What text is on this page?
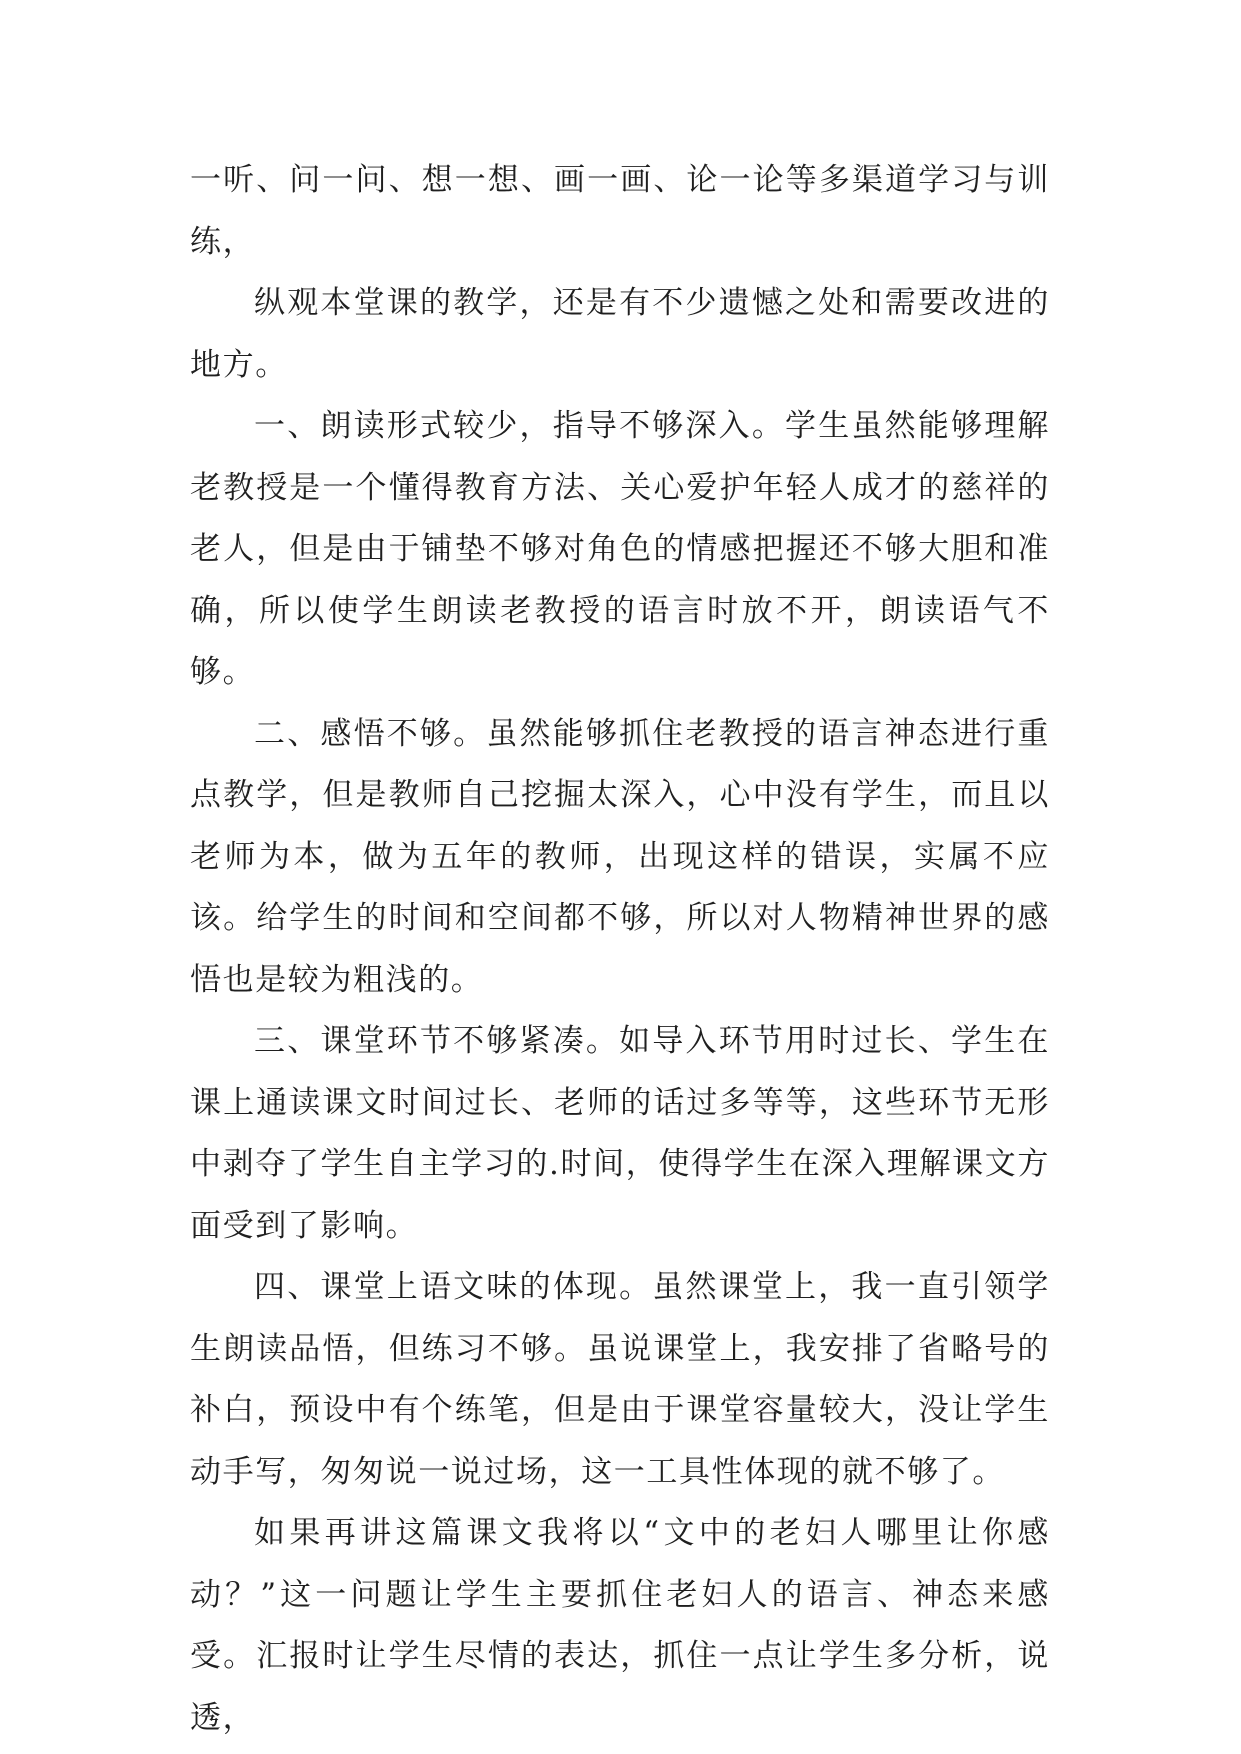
一听、问一问、想一想、画一画、论一论等多渠道学习与训练，

纵观本堂课的教学，还是有不少遗憾之处和需要改进的地方。

一、朗读形式较少，指导不够深入。学生虽然能够理解老教授是一个懂得教育方法、关心爱护年轻人成才的慈祥的老人，但是由于铺垫不够对角色的情感把握还不够大胆和准确，所以使学生朗读老教授的语言时放不开，朗读语气不够。

二、感悟不够。虽然能够抓住老教授的语言神态进行重点教学，但是教师自己挖掘太深入，心中没有学生，而且以老师为本，做为五年的教师，出现这样的错误，实属不应该。给学生的时间和空间都不够，所以对人物精神世界的感悟也是较为粗浅的。

三、课堂环节不够紧凑。如导入环节用时过长、学生在课上通读课文时间过长、老师的话过多等等，这些环节无形中剥夺了学生自主学习的.时间，使得学生在深入理解课文方面受到了影响。

四、课堂上语文味的体现。虽然课堂上，我一直引领学生朗读品悟，但练习不够。虽说课堂上，我安排了省略号的补白，预设中有个练笔，但是由于课堂容量较大，没让学生动手写，匆匆说一说过场，这一工具性体现的就不够了。

如果再讲这篇课文我将以“文中的老妇人哪里让你感动？”这一问题让学生主要抓住老妇人的语言、神态来感受。汇报时让学生尽情的表达，抓住一点让学生多分析，说透，
